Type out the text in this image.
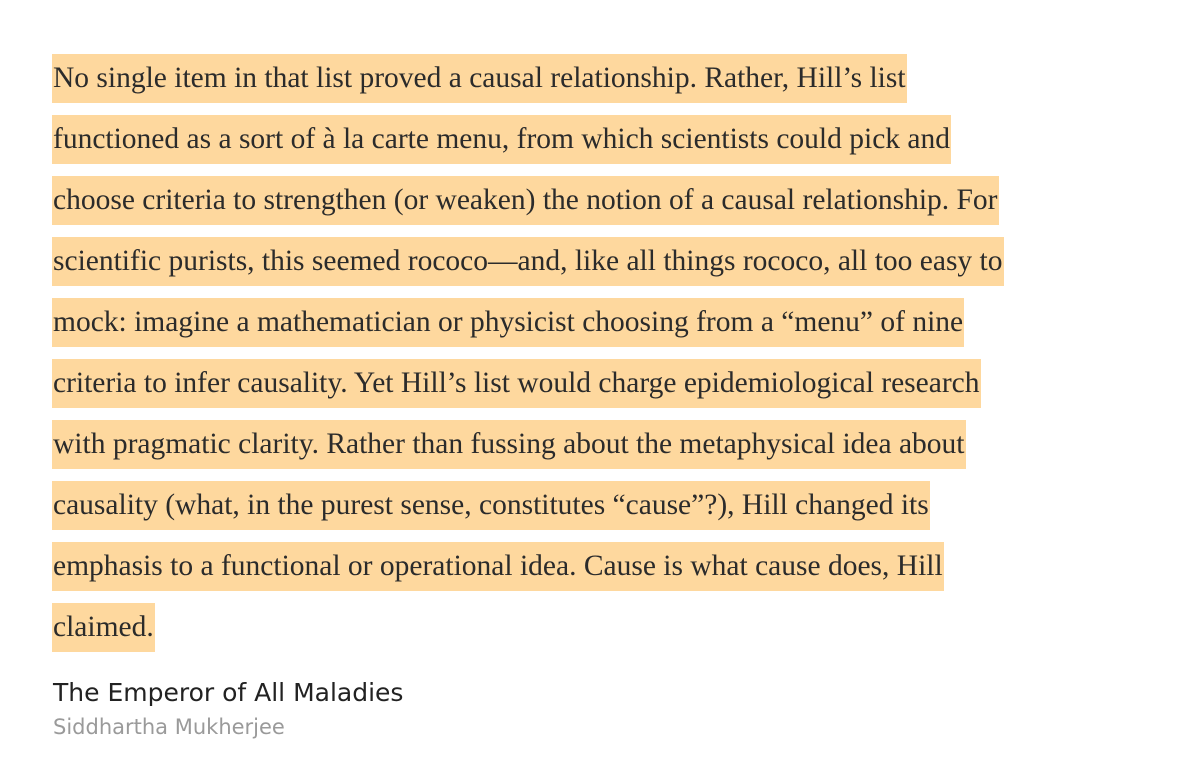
No single item in that list proved a causal relationship. Rather, Hill’s list
functioned as a sort of à la carte menu, from which scientists could pick and
choose criteria to strengthen (or weaken) the notion of a causal relationship. For
scientific purists, this seemed rococo—and, like all things rococo, all too easy to
mock: imagine a mathematician or physicist choosing from a “menu” of nine
criteria to infer causality. Yet Hill’s list would charge epidemiological research
with pragmatic clarity. Rather than fussing about the metaphysical idea about
causality (what, in the purest sense, constitutes “cause”?), Hill changed its
emphasis to a functional or operational idea. Cause is what cause does, Hill
claimed.
The Emperor of All Maladies

Siddhartha Mukherjee
